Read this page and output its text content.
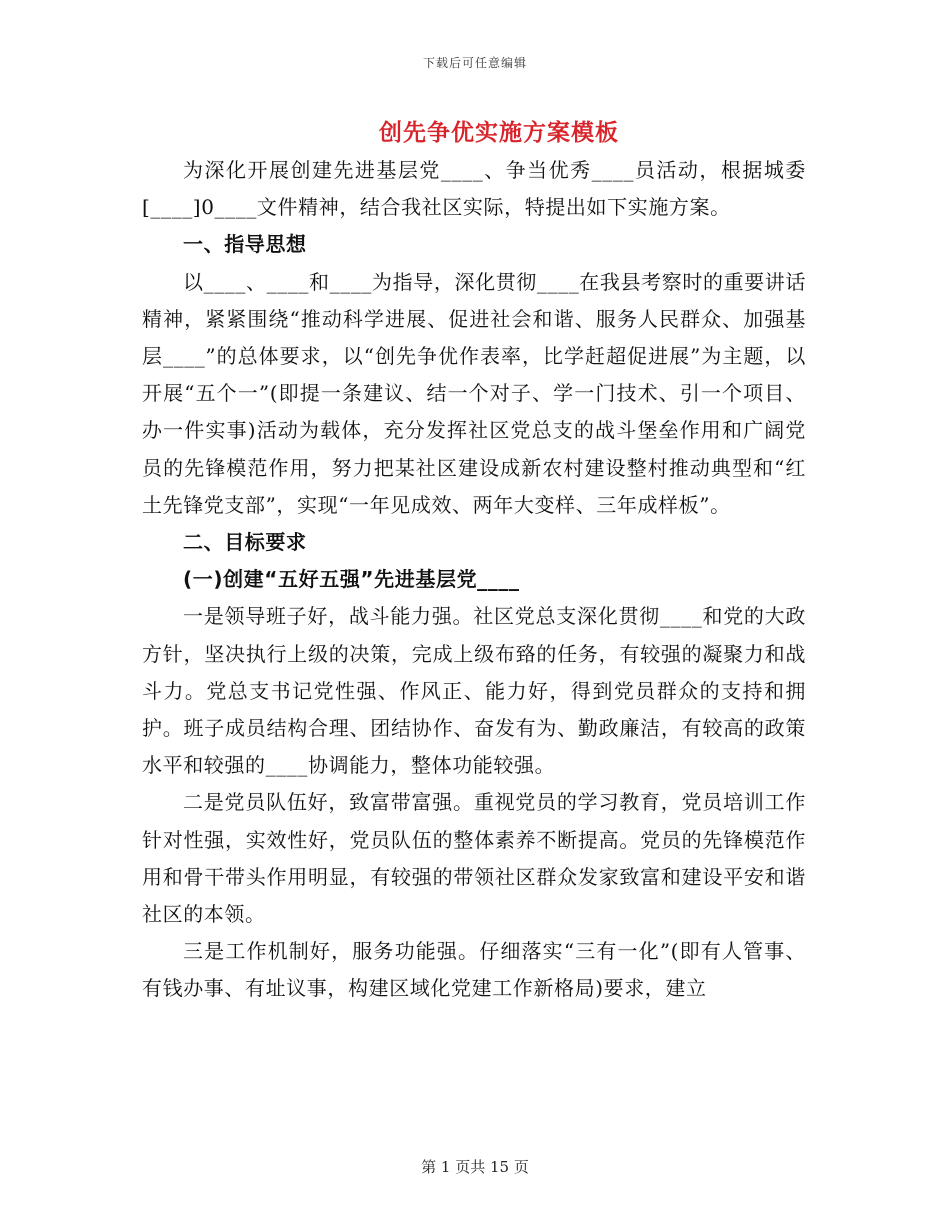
下载后可任意编辑
创先争优实施方案模板

为深化开展创建先进基层党____、争当优秀____员活动，根据城委[____]0____文件精神，结合我社区实际，特提出如下实施方案。

一、指导思想

以____、____和____为指导，深化贯彻____在我县考察时的重要讲话精神，紧紧围绕“推动科学进展、促进社会和谐、服务人民群众、加强基层____”的总体要求，以“创先争优作表率，比学赶超促进展”为主题，以开展“五个一”(即提一条建议、结一个对子、学一门技术、引一个项目、办一件实事)活动为载体，充分发挥社区党总支的战斗堡垒作用和广阔党员的先锋模范作用，努力把某社区建设成新农村建设整村推动典型和“红土先锋党支部”，实现“一年见成效、两年大变样、三年成样板”。

二、目标要求

(一)创建“五好五强”先进基层党____

一是领导班子好，战斗能力强。社区党总支深化贯彻____和党的大政方针，坚决执行上级的决策，完成上级布臵的任务，有较强的凝聚力和战斗力。党总支书记党性强、作风正、能力好，得到党员群众的支持和拥护。班子成员结构合理、团结协作、奋发有为、勤政廉洁，有较高的政策水平和较强的____协调能力，整体功能较强。

二是党员队伍好，致富带富强。重视党员的学习教育，党员培训工作针对性强，实效性好，党员队伍的整体素养不断提高。党员的先锋模范作用和骨干带头作用明显，有较强的带领社区群众发家致富和建设平安和谐社区的本领。

三是工作机制好，服务功能强。仔细落实“三有一化”(即有人管事、有钱办事、有址议事，构建区域化党建工作新格局)要求，建立

第 1 页共 15 页
